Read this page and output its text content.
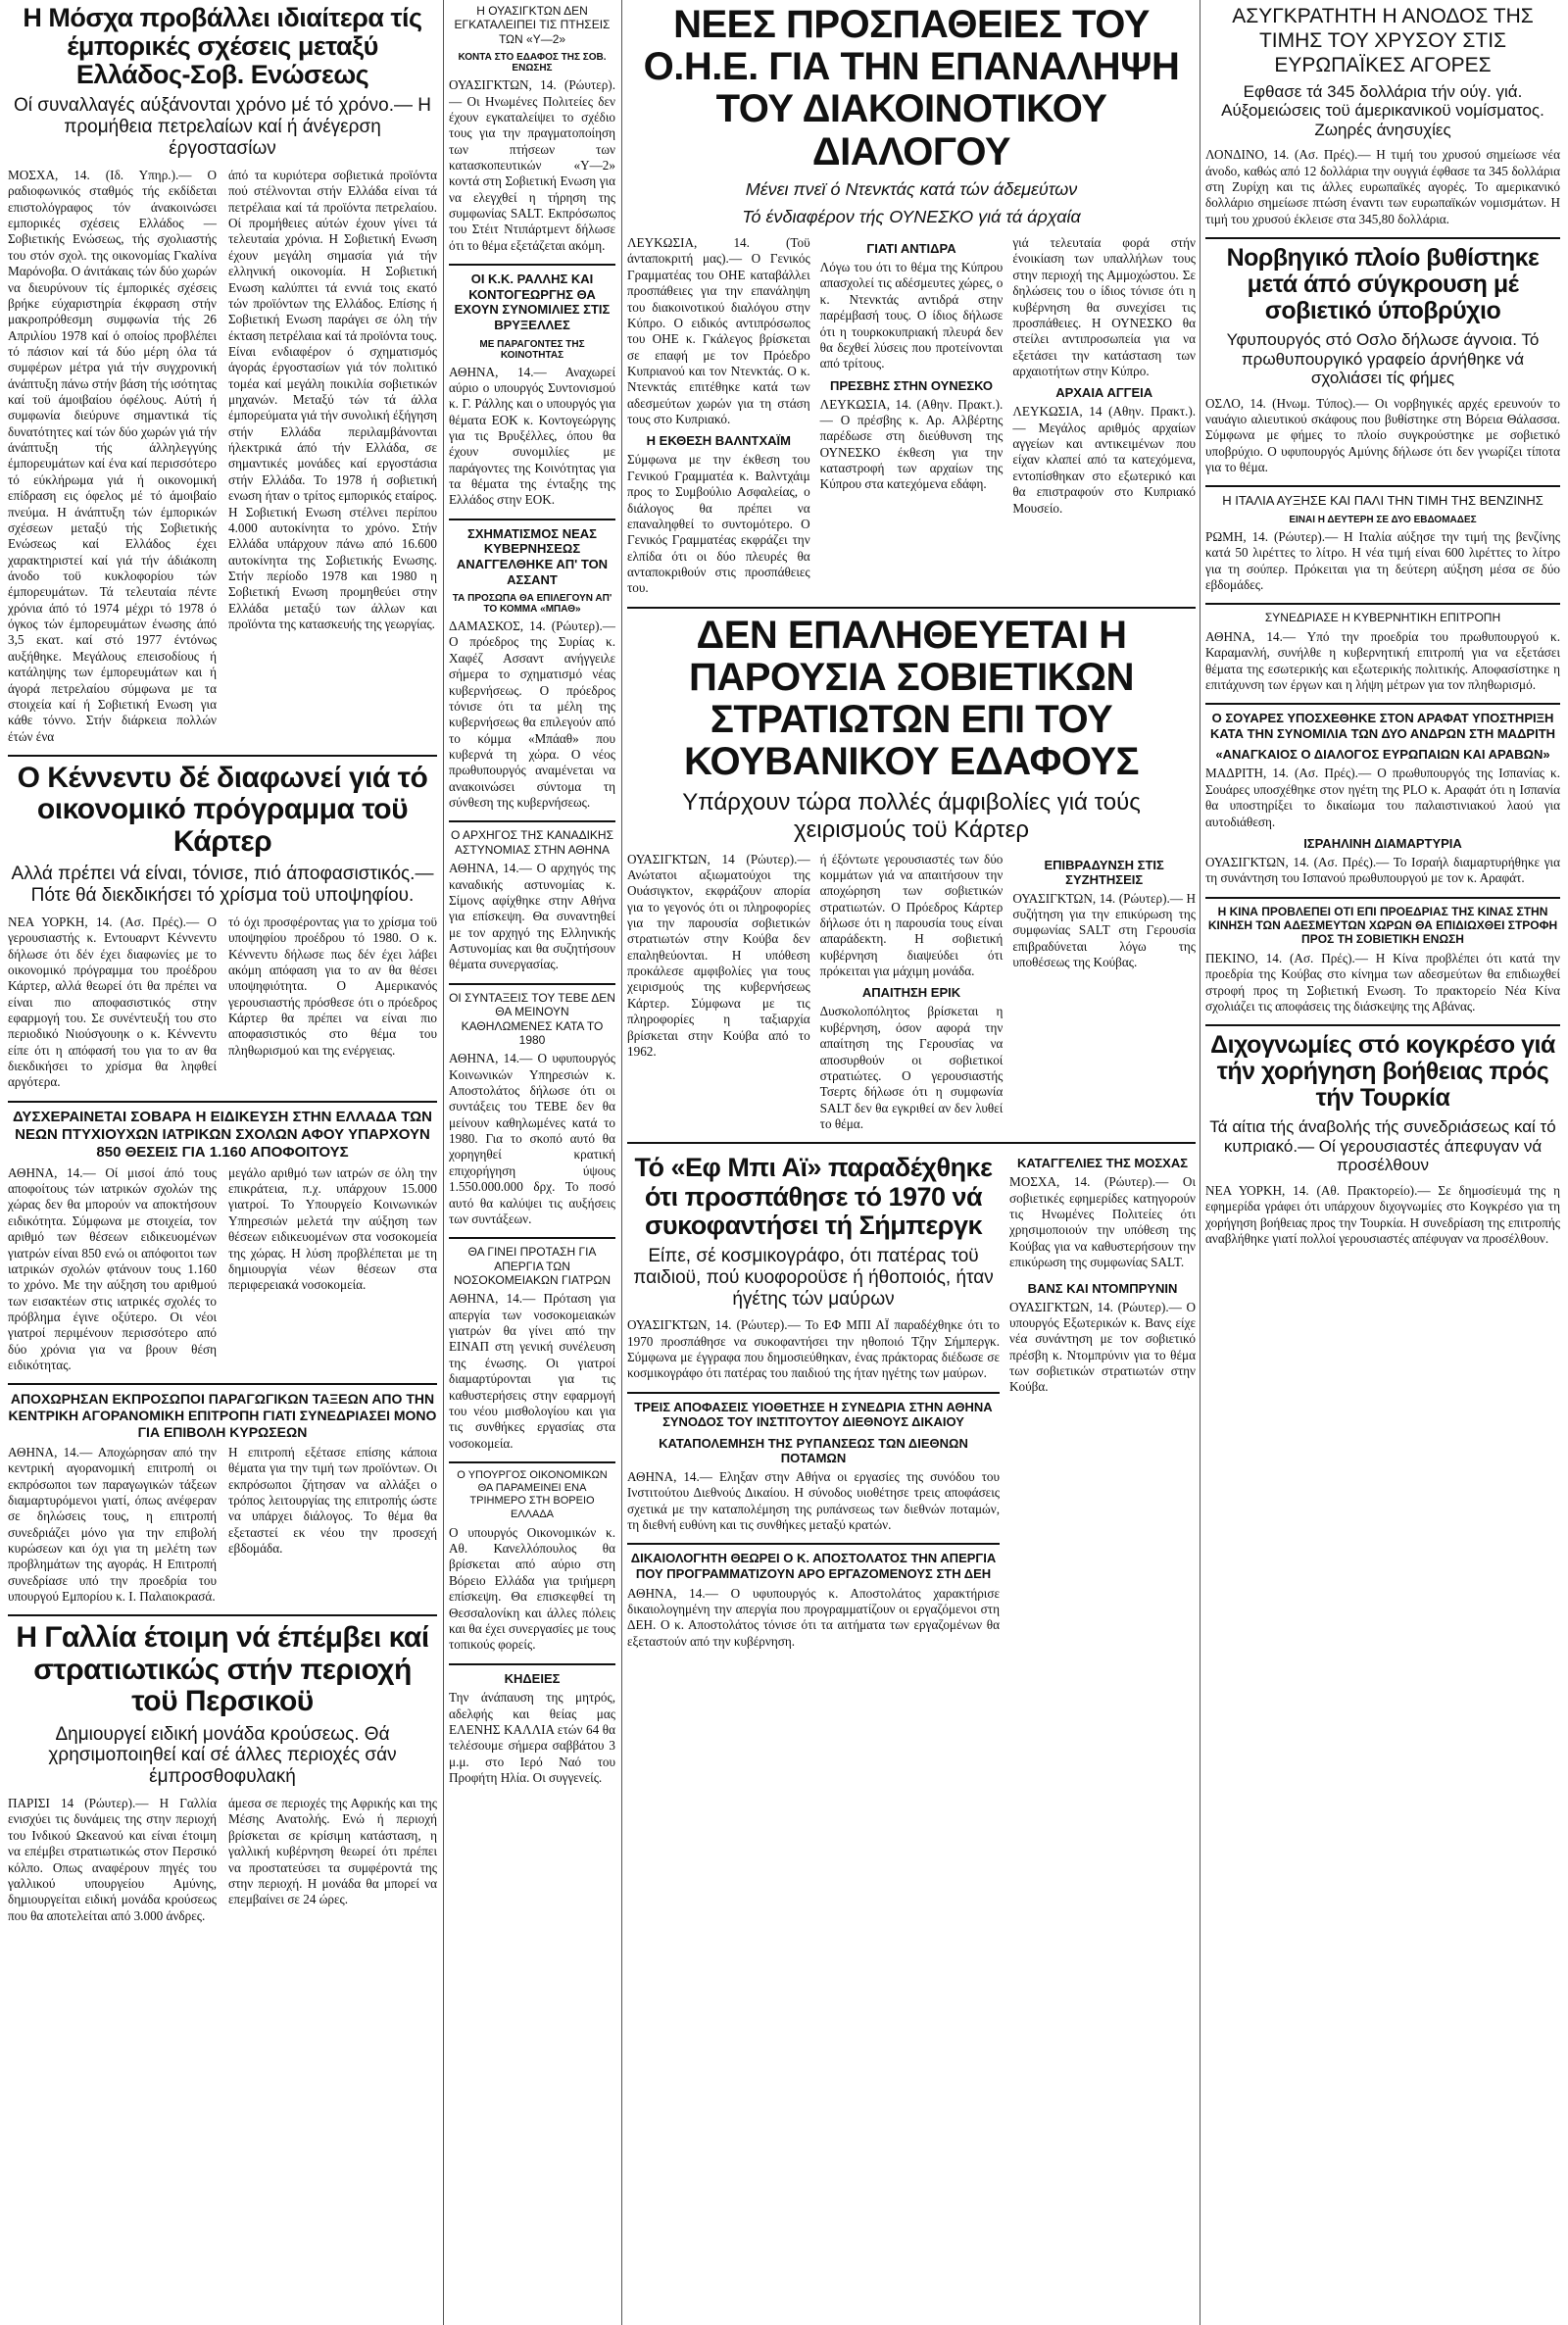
Η Μόσχα προβάλλει ιδιαίτερα τίς έμπορικές σχέσεις μεταξύ Ελλάδος-Σοβ. Ενώσεως
Οί συναλλαγές αύξάνονται χρόνο μέ τό χρόνο.— Η προμήθεια πετρελαίων καί ή άνέγερση έργοστασίων
ΜΟΣΧΑ, 14. (Ιδ. Υπηρ.).— Ο ραδιοφωνικός σταθμός τής εκδίδεται επιστολόγραφος τόν άνακοινώσει εμπορικές σχέσεις Ελλάδος — Σοβιετικής Ενώσεως, τής σχολιαστής του στόν σχολ. της οικονομίας Γκαλίνα Μαρόνοβα. Ο άνιτάκαις τών δύο χωρών να διευρύνουν τίς έμπορικές σχέσεις βρήκε εύχαριστηρία έκφραση στήν μακροπρόθεσμη συμφωνία τής 26 Απριλίου 1978 καί ό οποίος προβλέπει τό πάσιον καί τά δύο μέρη όλα τά συμφέρων μέτρα γιά τήν συγχρονική άνάπτυξη πάνω στήν βάση τής ισότητας καί τοϋ άμοιβαίου όφέλους. Αύτή ή συμφωνία διεύρυνε σημαντικά τίς δυνατότητες καί τών δύο χωρών γιά τήν άνάπτυξη τής άλληλεγγύης έμπορευμάτων καί ένα καί περισσότερο τό εύκλήρωμα γιά ή οικονομική επίδραση εις όφελος μέ τό άμοιβαίο πνεύμα. Η άνάπτυξη τών έμπορικών σχέσεων μεταξύ τής Σοβιετικής Ενώσεως καί Ελλάδος έχει χαρακτηριστεί καί γιά τήν άδιάκοπη άνοδο τοϋ κυκλοφορίου τών έμπορευμάτων. Τά τελευταία πέντε χρόνια άπό τό 1974 μέχρι τό 1978 ό όγκος τών έμπορευμάτων ένωσης άπό 3,5 εκατ. καί στό 1977 έντόνως αυξήθηκε. Μεγάλους επεισοδίους ή κατάληψης των έμπορευμάτων και ή άγορά πετρελαίου σύμφωνα με τα στοιχεία καί ή Σοβιετική Ενωση για κάθε τόννο. Στήν διάρκεια πολλών έτών ένα
άπό τα κυριότερα σοβιετικά προϊόντα πού στέλνονται στήν Ελλάδα είναι τά πετρέλαια καί τά προϊόντα πετρελαίου. Οί προμήθειες αύτών έχουν γίνει τά τελευταία χρόνια. Η Σοβιετική Ενωση έχουν μεγάλη σημασία γιά τήν ελληνική οικονομία. Η Σοβιετική Ενωση καλύπτει τά εννιά τοις εκατό τών προϊόντων της Ελλάδος. Επίσης ή Σοβιετική Ενωση παράγει σε όλη τήν έκταση πετρέλαια καί τά προϊόντα τους. Είναι ενδιαφέρον ό σχηματισμός άγοράς έργοστασίων γιά τόν πολιτικό τομέα καί μεγάλη ποικιλία σοβιετικών μηχανών. Μεταξύ τών τά άλλα έμπορεύματα γιά τήν συνολική έξήγηση στήν Ελλάδα περιλαμβάνονται ήλεκτρικά άπό τήν Ελλάδα, σε σημαντικές μονάδες καί εργοστάσια στήν Ελλάδα. Το 1978 ή σοβιετική ενωση ήταν ο τρίτος εμπορικός εταίρος. Η Σοβιετική Ενωση στέλνει περίπου 4.000 αυτοκίνητα το χρόνο. Στήν Ελλάδα υπάρχουν πάνω από 16.600 αυτοκίνητα της Σοβιετικής Ενωσης. Στήν περίοδο 1978 και 1980 η Σοβιετική Ενωση προμηθεύει στην Ελλάδα μεταξύ των άλλων και προϊόντα της κατασκευής της γεωργίας.
Ο Κέννεντυ δέ διαφωνεί γιά τό οικονομικό πρόγραμμα τοϋ Κάρτερ
Αλλά πρέπει νά είναι, τόνισε, πιό άποφασιστικός.— Πότε θά διεκδικήσει τό χρίσμα τοϋ υποψηφίου.
ΝΕΑ ΥΟΡΚΗ, 14. (Ασ. Πρές).— Ο γερουσιαστής κ. Εντουαρντ Κέννεντυ δήλωσε ότι δέν έχει διαφωνίες με το οικονομικό πρόγραμμα του προέδρου Κάρτερ, αλλά θεωρεί ότι θα πρέπει να είναι πιο αποφασιστικός στην εφαρμογή του. Σε συνέντευξή του στο περιοδικό Νιούσγουηκ ο κ. Κέννεντυ είπε ότι η απόφασή του για το αν θα διεκδικήσει το χρίσμα θα ληφθεί αργότερα.
τό όχι προσφέροντας για το χρίσμα τοϋ υποψηφίου προέδρου τό 1980. Ο κ. Κέννεντυ δήλωσε πως δέν έχει λάβει ακόμη απόφαση για το αν θα θέσει υποψηφιότητα. Ο Αμερικανός γερουσιαστής πρόσθεσε ότι ο πρόεδρος Κάρτερ θα πρέπει να είναι πιο αποφασιστικός στο θέμα του πληθωρισμού και της ενέργειας.
ΔΥΣΧΕΡΑΙΝΕΤΑΙ ΣΟΒΑΡΑ Η ΕΙΔΙΚΕΥΣΗ ΣΤΗΝ ΕΛΛΑΔΑ ΤΩΝ ΝΕΩΝ ΠΤΥΧΙΟΥΧΩΝ ΙΑΤΡΙΚΩΝ ΣΧΟΛΩΝ ΑΦΟΥ ΥΠΑΡΧΟΥΝ 850 ΘΕΣΕΙΣ ΓΙΑ 1.160 ΑΠΟΦΟΙΤΟΥΣ
ΑΘΗΝΑ, 14.— Οί μισοί άπό τους αποφοίτους τών ιατρικών σχολών της χώρας δεν θα μπορούν να αποκτήσουν ειδικότητα. Σύμφωνα με στοιχεία, τον αριθμό των θέσεων ειδικευομένων γιατρών είναι 850 ενώ οι απόφοιτοι των ιατρικών σχολών φτάνουν τους 1.160 το χρόνο. Με την αύξηση του αριθμού των εισακτέων στις ιατρικές σχολές το πρόβλημα έγινε οξύτερο. Οι νέοι γιατροί περιμένουν περισσότερο από δύο χρόνια για να βρουν θέση ειδικότητας.
μεγάλο αριθμό των ιατρών σε όλη την επικράτεια, π.χ. υπάρχουν 15.000 γιατροί. Το Υπουργείο Κοινωνικών Υπηρεσιών μελετά την αύξηση των θέσεων ειδικευομένων στα νοσοκομεία της χώρας. Η λύση προβλέπεται με τη δημιουργία νέων θέσεων στα περιφερειακά νοσοκομεία.
ΑΠΟΧΩΡΗΣΑΝ ΕΚΠΡΟΣΩΠΟΙ ΠΑΡΑΓΩΓΙΚΩΝ ΤΑΞΕΩΝ ΑΠΟ ΤΗΝ ΚΕΝΤΡΙΚΗ ΑΓΟΡΑΝΟΜΙΚΗ ΕΠΙΤΡΟΠΗ ΓΙΑΤΙ ΣΥΝΕΔΡΙΑΣΕΙ ΜΟΝΟ ΓΙΑ ΕΠΙΒΟΛΗ ΚΥΡΩΣΕΩΝ
ΑΘΗΝΑ, 14.— Αποχώρησαν από την κεντρική αγορανομική επιτροπή οι εκπρόσωποι των παραγωγικών τάξεων διαμαρτυρόμενοι γιατί, όπως ανέφεραν σε δηλώσεις τους, η επιτροπή συνεδριάζει μόνο για την επιβολή κυρώσεων και όχι για τη μελέτη των προβλημάτων της αγοράς. Η Επιτροπή συνεδρίασε υπό την προεδρία του υπουργού Εμπορίου κ. Ι. Παλαιοκρασά.
Η επιτροπή εξέτασε επίσης κάποια θέματα για την τιμή των προϊόντων. Οι εκπρόσωποι ζήτησαν να αλλάξει ο τρόπος λειτουργίας της επιτροπής ώστε να υπάρχει διάλογος. Το θέμα θα εξεταστεί εκ νέου την προσεχή εβδομάδα.
Η Γαλλία έτοιμη νά έπέμβει καί στρατιωτικώς στήν περιοχή τοϋ Περσικοϋ
Δημιουργεί ειδική μονάδα κρούσεως. Θά χρησιμοποιηθεί καί σέ άλλες περιοχές σάν έμπροσθοφυλακή
ΠΑΡΙΣΙ 14 (Ρώυτερ).— Η Γαλλία ενισχύει τις δυνάμεις της στην περιοχή του Ινδικού Ωκεανού και είναι έτοιμη να επέμβει στρατιωτικώς στον Περσικό κόλπο. Οπως αναφέρουν πηγές του γαλλικού υπουργείου Αμύνης, δημιουργείται ειδική μονάδα κρούσεως που θα αποτελείται από 3.000 άνδρες.
άμεσα σε περιοχές της Αφρικής και της Μέσης Ανατολής. Ενώ ή περιοχή βρίσκεται σε κρίσιμη κατάσταση, η γαλλική κυβέρνηση θεωρεί ότι πρέπει να προστατεύσει τα συμφέροντά της στην περιοχή. Η μονάδα θα μπορεί να επεμβαίνει σε 24 ώρες.
Η ΟΥΑΣΙΓΚΤΩΝ ΔΕΝ ΕΓΚΑΤΑΛΕΙΠΕΙ ΤΙΣ ΠΤΗΣΕΙΣ ΤΩΝ «Υ—2»
ΚΟΝΤΑ ΣΤΟ ΕΔΑΦΟΣ ΤΗΣ ΣΟΒ. ΕΝΩΣΗΣ
ΟΥΑΣΙΓΚΤΩΝ, 14. (Ρώυτερ).— Οι Ηνωμένες Πολιτείες δεν έχουν εγκαταλείψει το σχέδιο τους για την πραγματοποίηση των πτήσεων των κατασκοπευτικών «Υ—2» κοντά στη Σοβιετική Ενωση για να ελεγχθεί η τήρηση της συμφωνίας SALT. Εκπρόσωπος του Στέιτ Ντιπάρτμεντ δήλωσε ότι το θέμα εξετάζεται ακόμη.
ΟΙ Κ.Κ. ΡΑΛΛΗΣ ΚΑΙ ΚΟΝΤΟΓΕΩΡΓΗΣ ΘΑ ΕΧΟΥΝ ΣΥΝΟΜΙΛΙΕΣ ΣΤΙΣ ΒΡΥΞΕΛΛΕΣ
ΜΕ ΠΑΡΑΓΟΝΤΕΣ ΤΗΣ ΚΟΙΝΟΤΗΤΑΣ
ΑΘΗΝΑ, 14.— Αναχωρεί αύριο ο υπουργός Συντονισμού κ. Γ. Ράλλης και ο υπουργός για θέματα ΕΟΚ κ. Κοντογεώργης για τις Βρυξέλλες, όπου θα έχουν συνομιλίες με παράγοντες της Κοινότητας για τα θέματα της ένταξης της Ελλάδος στην ΕΟΚ.
ΣΧΗΜΑΤΙΣΜΟΣ ΝΕΑΣ ΚΥΒΕΡΝΗΣΕΩΣ ΑΝΑΓΓΕΛΘΗΚΕ ΑΠ' ΤΟΝ ΑΣΣΑΝΤ
ΤΑ ΠΡΟΣΩΠΑ ΘΑ ΕΠΙΛΕΓΟΥΝ ΑΠ' ΤΟ ΚΟΜΜΑ «ΜΠΑΘ»
ΔΑΜΑΣΚΟΣ, 14. (Ρώυτερ).— Ο πρόεδρος της Συρίας κ. Χαφέζ Ασσαντ ανήγγειλε σήμερα το σχηματισμό νέας κυβερνήσεως. Ο πρόεδρος τόνισε ότι τα μέλη της κυβερνήσεως θα επιλεγούν από το κόμμα «Μπάαθ» που κυβερνά τη χώρα. Ο νέος πρωθυπουργός αναμένεται να ανακοινώσει σύντομα τη σύνθεση της κυβερνήσεως.
Ο ΑΡΧΗΓΟΣ ΤΗΣ ΚΑΝΑΔΙΚΗΣ ΑΣΤΥΝΟΜΙΑΣ ΣΤΗΝ ΑΘΗΝΑ
ΑΘΗΝΑ, 14.— Ο αρχηγός της καναδικής αστυνομίας κ. Σίμονς αφίχθηκε στην Αθήνα για επίσκεψη. Θα συναντηθεί με τον αρχηγό της Ελληνικής Αστυνομίας και θα συζητήσουν θέματα συνεργασίας.
ΟΙ ΣΥΝΤΑΞΕΙΣ ΤΟΥ ΤΕΒΕ ΔΕΝ ΘΑ ΜΕΙΝΟΥΝ ΚΑΘΗΛΩΜΕΝΕΣ ΚΑΤΑ ΤΟ 1980
ΑΘΗΝΑ, 14.— Ο υφυπουργός Κοινωνικών Υπηρεσιών κ. Αποστολάτος δήλωσε ότι οι συντάξεις του ΤΕΒΕ δεν θα μείνουν καθηλωμένες κατά το 1980. Για το σκοπό αυτό θα χορηγηθεί κρατική επιχορήγηση ύψους 1.550.000.000 δρχ. Το ποσό αυτό θα καλύψει τις αυξήσεις των συντάξεων.
ΘΑ ΓΙΝΕΙ ΠΡΟΤΑΣΗ ΓΙΑ ΑΠΕΡΓΙΑ ΤΩΝ ΝΟΣΟΚΟΜΕΙΑΚΩΝ ΓΙΑΤΡΩΝ
ΑΘΗΝΑ, 14.— Πρόταση για απεργία των νοσοκομειακών γιατρών θα γίνει από την ΕΙΝΑΠ στη γενική συνέλευση της ένωσης. Οι γιατροί διαμαρτύρονται για τις καθυστερήσεις στην εφαρμογή του νέου μισθολογίου και για τις συνθήκες εργασίας στα νοσοκομεία.
Ο ΥΠΟΥΡΓΟΣ ΟΙΚΟΝΟΜΙΚΩΝ ΘΑ ΠΑΡΑΜΕΙΝΕΙ ΕΝΑ ΤΡΙΗΜΕΡΟ ΣΤΗ ΒΟΡΕΙΟ ΕΛΛΑΔΑ
Ο υπουργός Οικονομικών κ. Αθ. Κανελλόπουλος θα βρίσκεται από αύριο στη Βόρειο Ελλάδα για τριήμερη επίσκεψη. Θα επισκεφθεί τη Θεσσαλονίκη και άλλες πόλεις και θα έχει συνεργασίες με τους τοπικούς φορείς.
ΚΗΔΕΙΕΣ
Την άνάπαυση της μητρός, αδελφής και θείας μας ΕΛΕΝΗΣ ΚΑΛΛΙΑ ετών 64 θα τελέσουμε σήμερα σαββάτου 3 μ.μ. στο Ιερό Ναό του Προφήτη Ηλία. Οι συγγενείς.
ΝΕΕΣ ΠΡΟΣΠΑΘΕΙΕΣ ΤΟΥ Ο.Η.Ε. ΓΙΑ ΤΗΝ ΕΠΑΝΑΛΗΨΗ ΤΟΥ ΔΙΑΚΟΙΝΟΤΙΚΟΥ ΔΙΑΛΟΓΟΥ
Μένει πνεϊ ό Ντενκτάς κατά τών άδεμεύτων
Τό ένδιαφέρον τής ΟΥΝΕΣΚΟ γιά τά άρχαία
ΛΕΥΚΩΣΙΑ, 14. (Τοϋ άνταποκριτή μας).— Ο Γενικός Γραμματέας του ΟΗΕ καταβάλλει προσπάθειες για την επανάληψη του διακοινοτικού διαλόγου στην Κύπρο. Ο ειδικός αντιπρόσωπος του ΟΗΕ κ. Γκάλεγος βρίσκεται σε επαφή με τον Πρόεδρο Κυπριανού και τον Ντενκτάς. Ο κ. Ντενκτάς επιτέθηκε κατά των αδεσμεύτων χωρών για τη στάση τους στο Κυπριακό.
Η ΕΚΘΕΣΗ ΒΑΛΝΤΧΑΪΜ
Σύμφωνα με την έκθεση του Γενικού Γραμματέα κ. Βαλντχάιμ προς το Συμβούλιο Ασφαλείας, ο διάλογος θα πρέπει να επαναληφθεί το συντομότερο. Ο Γενικός Γραμματέας εκφράζει την ελπίδα ότι οι δύο πλευρές θα ανταποκριθούν στις προσπάθειες του.
ΓΙΑΤΙ ΑΝΤΙΔΡΑ
Λόγω του ότι το θέμα της Κύπρου απασχολεί τις αδέσμευτες χώρες, ο κ. Ντενκτάς αντιδρά στην παρέμβασή τους. Ο ίδιος δήλωσε ότι η τουρκοκυπριακή πλευρά δεν θα δεχθεί λύσεις που προτείνονται από τρίτους.
ΠΡΕΣΒΗΣ ΣΤΗΝ ΟΥΝΕΣΚΟ
ΛΕΥΚΩΣΙΑ, 14. (Αθην. Πρακτ.).— Ο πρέσβης κ. Αρ. Αλβέρτης παρέδωσε στη διεύθυνση της ΟΥΝΕΣΚΟ έκθεση για την καταστροφή των αρχαίων της Κύπρου στα κατεχόμενα εδάφη.
γιά τελευταία φορά στήν ένοικίαση των υπαλλήλων τους στην περιοχή της Αμμοχώστου. Σε δηλώσεις του ο ίδιος τόνισε ότι η κυβέρνηση θα συνεχίσει τις προσπάθειες. Η ΟΥΝΕΣΚΟ θα στείλει αντιπροσωπεία για να εξετάσει την κατάσταση των αρχαιοτήτων στην Κύπρο.
ΑΡΧΑΙΑ ΑΓΓΕΙΑ
ΛΕΥΚΩΣΙΑ, 14 (Αθην. Πρακτ.).— Μεγάλος αριθμός αρχαίων αγγείων και αντικειμένων που είχαν κλαπεί από τα κατεχόμενα, εντοπίσθηκαν στο εξωτερικό και θα επιστραφούν στο Κυπριακό Μουσείο.
ΔΕΝ ΕΠΑΛΗΘΕΥΕΤΑΙ Η ΠΑΡΟΥΣΙΑ ΣΟΒΙΕΤΙΚΩΝ ΣΤΡΑΤΙΩΤΩΝ ΕΠΙ ΤΟΥ ΚΟΥΒΑΝΙΚΟΥ ΕΔΑΦΟΥΣ
Υπάρχουν τώρα πολλές άμφιβολίες γιά τούς χειρισμούς τοϋ Κάρτερ
ΟΥΑΣΙΓΚΤΩΝ, 14 (Ρώυτερ).— Ανώτατοι αξιωματούχοι της Ουάσιγκτον, εκφράζουν απορία για το γεγονός ότι οι πληροφορίες για την παρουσία σοβιετικών στρατιωτών στην Κούβα δεν επαληθεύονται. Η υπόθεση προκάλεσε αμφιβολίες για τους χειρισμούς της κυβερνήσεως Κάρτερ. Σύμφωνα με τις πληροφορίες η ταξιαρχία βρίσκεται στην Κούβα από το 1962.
ή έξόντωτε γερουσιαστές των δύο κομμάτων γιά να απαιτήσουν την αποχώρηση των σοβιετικών στρατιωτών. Ο Πρόεδρος Κάρτερ δήλωσε ότι η παρουσία τους είναι απαράδεκτη. Η σοβιετική κυβέρνηση διαψεύδει ότι πρόκειται για μάχιμη μονάδα.
ΑΠΑΙΤΗΣΗ ΕΡΙΚ
Δυσκολοπόλητος βρίσκεται η κυβέρνηση, όσον αφορά την απαίτηση της Γερουσίας να αποσυρθούν οι σοβιετικοί στρατιώτες. Ο γερουσιαστής Τσερτς δήλωσε ότι η συμφωνία SALT δεν θα εγκριθεί αν δεν λυθεί το θέμα.
ΕΠΙΒΡΑΔΥΝΣΗ ΣΤΙΣ ΣΥΖΗΤΗΣΕΙΣ
ΟΥΑΣΙΓΚΤΩΝ, 14. (Ρώυτερ).— Η συζήτηση για την επικύρωση της συμφωνίας SALT στη Γερουσία επιβραδύνεται λόγω της υποθέσεως της Κούβας.
Τό «Εφ Μπι Αϊ» παραδέχθηκε ότι προσπάθησε τό 1970 νά συκοφαντήσει τή Σήμπεργκ
Είπε, σέ κοσμικογράφο, ότι πατέρας τοϋ παιδιοϋ, πού κυοφοροϋσε ή ήθοποιός, ήταν ήγέτης τών μαύρων
ΟΥΑΣΙΓΚΤΩΝ, 14. (Ρώυτερ).— Το ΕΦ ΜΠΙ ΑΪ παραδέχθηκε ότι το 1970 προσπάθησε να συκοφαντήσει την ηθοποιό Τζην Σήμπεργκ. Σύμφωνα με έγγραφα που δημοσιεύθηκαν, ένας πράκτορας διέδωσε σε κοσμικογράφο ότι πατέρας του παιδιού της ήταν ηγέτης των μαύρων.
ΤΡΕΙΣ ΑΠΟΦΑΣΕΙΣ ΥΙΟΘΕΤΗΣΕ Η ΣΥΝΕΔΡΙΑ ΣΤΗΝ ΑΘΗΝΑ ΣΥΝΟΔΟΣ ΤΟΥ ΙΝΣΤΙΤΟΥΤΟΥ ΔΙΕΘΝΟΥΣ ΔΙΚΑΙΟΥ
ΚΑΤΑΠΟΛΕΜΗΣΗ ΤΗΣ ΡΥΠΑΝΣΕΩΣ ΤΩΝ ΔΙΕΘΝΩΝ ΠΟΤΑΜΩΝ
ΑΘΗΝΑ, 14.— Εληξαν στην Αθήνα οι εργασίες της συνόδου του Ινστιτούτου Διεθνούς Δικαίου. Η σύνοδος υιοθέτησε τρεις αποφάσεις σχετικά με την καταπολέμηση της ρυπάνσεως των διεθνών ποταμών, τη διεθνή ευθύνη και τις συνθήκες μεταξύ κρατών.
ΔΙΚΑΙΟΛΟΓΗΤΗ ΘΕΩΡΕΙ Ο Κ. ΑΠΟΣΤΟΛΑΤΟΣ ΤΗΝ ΑΠΕΡΓΙΑ ΠΟΥ ΠΡΟΓΡΑΜΜΑΤΙΖΟΥΝ ΑΡΟ ΕΡΓΑΖΟΜΕΝΟΥΣ ΣΤΗ ΔΕΗ
ΑΘΗΝΑ, 14.— Ο υφυπουργός κ. Αποστολάτος χαρακτήρισε δικαιολογημένη την απεργία που προγραμματίζουν οι εργαζόμενοι στη ΔΕΗ. Ο κ. Αποστολάτος τόνισε ότι τα αιτήματα των εργαζομένων θα εξεταστούν από την κυβέρνηση.
ΚΑΤΑΓΓΕΛΙΕΣ ΤΗΣ ΜΟΣΧΑΣ
ΜΟΣΧΑ, 14. (Ρώυτερ).— Οι σοβιετικές εφημερίδες κατηγορούν τις Ηνωμένες Πολιτείες ότι χρησιμοποιούν την υπόθεση της Κούβας για να καθυστερήσουν την επικύρωση της συμφωνίας SALT.
ΒΑΝΣ ΚΑΙ ΝΤΟΜΠΡΥΝΙΝ
ΟΥΑΣΙΓΚΤΩΝ, 14. (Ρώυτερ).— Ο υπουργός Εξωτερικών κ. Βανς είχε νέα συνάντηση με τον σοβιετικό πρέσβη κ. Ντομπρύνιν για το θέμα των σοβιετικών στρατιωτών στην Κούβα.
ΑΣΥΓΚΡΑΤΗΤΗ Η ΑΝΟΔΟΣ ΤΗΣ ΤΙΜΗΣ ΤΟΥ ΧΡΥΣΟΥ ΣΤΙΣ ΕΥΡΩΠΑΪΚΕΣ ΑΓΟΡΕΣ
Εφθασε τά 345 δολλάρια τήν ούγ. γιά. Αύξομειώσεις τοϋ άμερικανικοϋ νομίσματος. Ζωηρές άνησυχίες
ΛΟΝΔΙΝΟ, 14. (Ασ. Πρές).— Η τιμή του χρυσού σημείωσε νέα άνοδο, καθώς από 12 δολλάρια την ουγγιά έφθασε τα 345 δολλάρια στη Ζυρίχη και τις άλλες ευρωπαϊκές αγορές. Το αμερικανικό δολλάριο σημείωσε πτώση έναντι των ευρωπαϊκών νομισμάτων. Η τιμή του χρυσού έκλεισε στα 345,80 δολλάρια.
Νορβηγικό πλοίο βυθίστηκε μετά άπό σύγκρουση μέ σοβιετικό ύποβρύχιο
Υφυπουργός στό Οσλο δήλωσε άγνοια. Τό πρωθυπουργικό γραφείο άρνήθηκε νά σχολιάσει τίς φήμες
ΟΣΛΟ, 14. (Ηνωμ. Τύπος).— Οι νορβηγικές αρχές ερευνούν το ναυάγιο αλιευτικού σκάφους που βυθίστηκε στη Βόρεια Θάλασσα. Σύμφωνα με φήμες το πλοίο συγκρούστηκε με σοβιετικό υποβρύχιο. Ο υφυπουργός Αμύνης δήλωσε ότι δεν γνωρίζει τίποτα για το θέμα.
Η ΙΤΑΛΙΑ ΑΥΞΗΣΕ ΚΑΙ ΠΑΛΙ ΤΗΝ ΤΙΜΗ ΤΗΣ ΒΕΝΖΙΝΗΣ
ΕΙΝΑΙ Η ΔΕΥΤΕΡΗ ΣΕ ΔΥΟ ΕΒΔΟΜΑΔΕΣ
ΡΩΜΗ, 14. (Ρώυτερ).— Η Ιταλία αύξησε την τιμή της βενζίνης κατά 50 λιρέττες το λίτρο. Η νέα τιμή είναι 600 λιρέττες το λίτρο για τη σούπερ. Πρόκειται για τη δεύτερη αύξηση μέσα σε δύο εβδομάδες.
ΣΥΝΕΔΡΙΑΣΕ Η ΚΥΒΕΡΝΗΤΙΚΗ ΕΠΙΤΡΟΠΗ
ΑΘΗΝΑ, 14.— Υπό την προεδρία του πρωθυπουργού κ. Καραμανλή, συνήλθε η κυβερνητική επιτροπή για να εξετάσει θέματα της εσωτερικής και εξωτερικής πολιτικής. Αποφασίστηκε η επιτάχυνση των έργων και η λήψη μέτρων για τον πληθωρισμό.
Ο ΣΟΥΑΡΕΣ ΥΠΟΣΧΕΘΗΚΕ ΣΤΟΝ ΑΡΑΦΑΤ ΥΠΟΣΤΗΡΙΞΗ ΚΑΤΑ ΤΗΝ ΣΥΝΟΜΙΛΙΑ ΤΩΝ ΔΥΟ ΑΝΔΡΩΝ ΣΤΗ ΜΑΔΡΙΤΗ
«ΑΝΑΓΚΑΙΟΣ Ο ΔΙΑΛΟΓΟΣ ΕΥΡΩΠΑΙΩΝ ΚΑΙ ΑΡΑΒΩΝ»
ΜΑΔΡΙΤΗ, 14. (Ασ. Πρές).— Ο πρωθυπουργός της Ισπανίας κ. Σουάρες υποσχέθηκε στον ηγέτη της PLO κ. Αραφάτ ότι η Ισπανία θα υποστηρίξει το δικαίωμα του παλαιστινιακού λαού για αυτοδιάθεση.
ΙΣΡΑΗΛΙΝΗ ΔΙΑΜΑΡΤΥΡΙΑ
ΟΥΑΣΙΓΚΤΩΝ, 14. (Ασ. Πρές).— Το Ισραήλ διαμαρτυρήθηκε για τη συνάντηση του Ισπανού πρωθυπουργού με τον κ. Αραφάτ.
Η ΚΙΝΑ ΠΡΟΒΛΕΠΕΙ ΟΤΙ ΕΠΙ ΠΡΟΕΔΡΙΑΣ ΤΗΣ ΚΙΝΑΣ ΣΤΗΝ ΚΙΝΗΣΗ ΤΩΝ ΑΔΕΣΜΕΥΤΩΝ ΧΩΡΩΝ ΘΑ ΕΠΙΔΙΩΧΘΕΙ ΣΤΡΟΦΗ ΠΡΟΣ ΤΗ ΣΟΒΙΕΤΙΚΗ ΕΝΩΣΗ
ΠΕΚΙΝΟ, 14. (Ασ. Πρές).— Η Κίνα προβλέπει ότι κατά την προεδρία της Κούβας στο κίνημα των αδεσμεύτων θα επιδιωχθεί στροφή προς τη Σοβιετική Ενωση. Το πρακτορείο Νέα Κίνα σχολιάζει τις αποφάσεις της διάσκεψης της Αβάνας.
Διχογνωμίες στό κογκρέσο γιά τήν χορήγηση βοήθειας πρός τήν Τουρκία
Τά αίτια τής άναβολής τής συνεδριάσεως καί τό κυπριακό.— Οί γερουσιαστές άπεφυγαν νά προσέλθουν
ΝΕΑ ΥΟΡΚΗ, 14. (Αθ. Πρακτορείο).— Σε δημοσίευμά της η εφημερίδα γράφει ότι υπάρχουν διχογνωμίες στο Κογκρέσο για τη χορήγηση βοήθειας προς την Τουρκία. Η συνεδρίαση της επιτροπής αναβλήθηκε γιατί πολλοί γερουσιαστές απέφυγαν να προσέλθουν.
